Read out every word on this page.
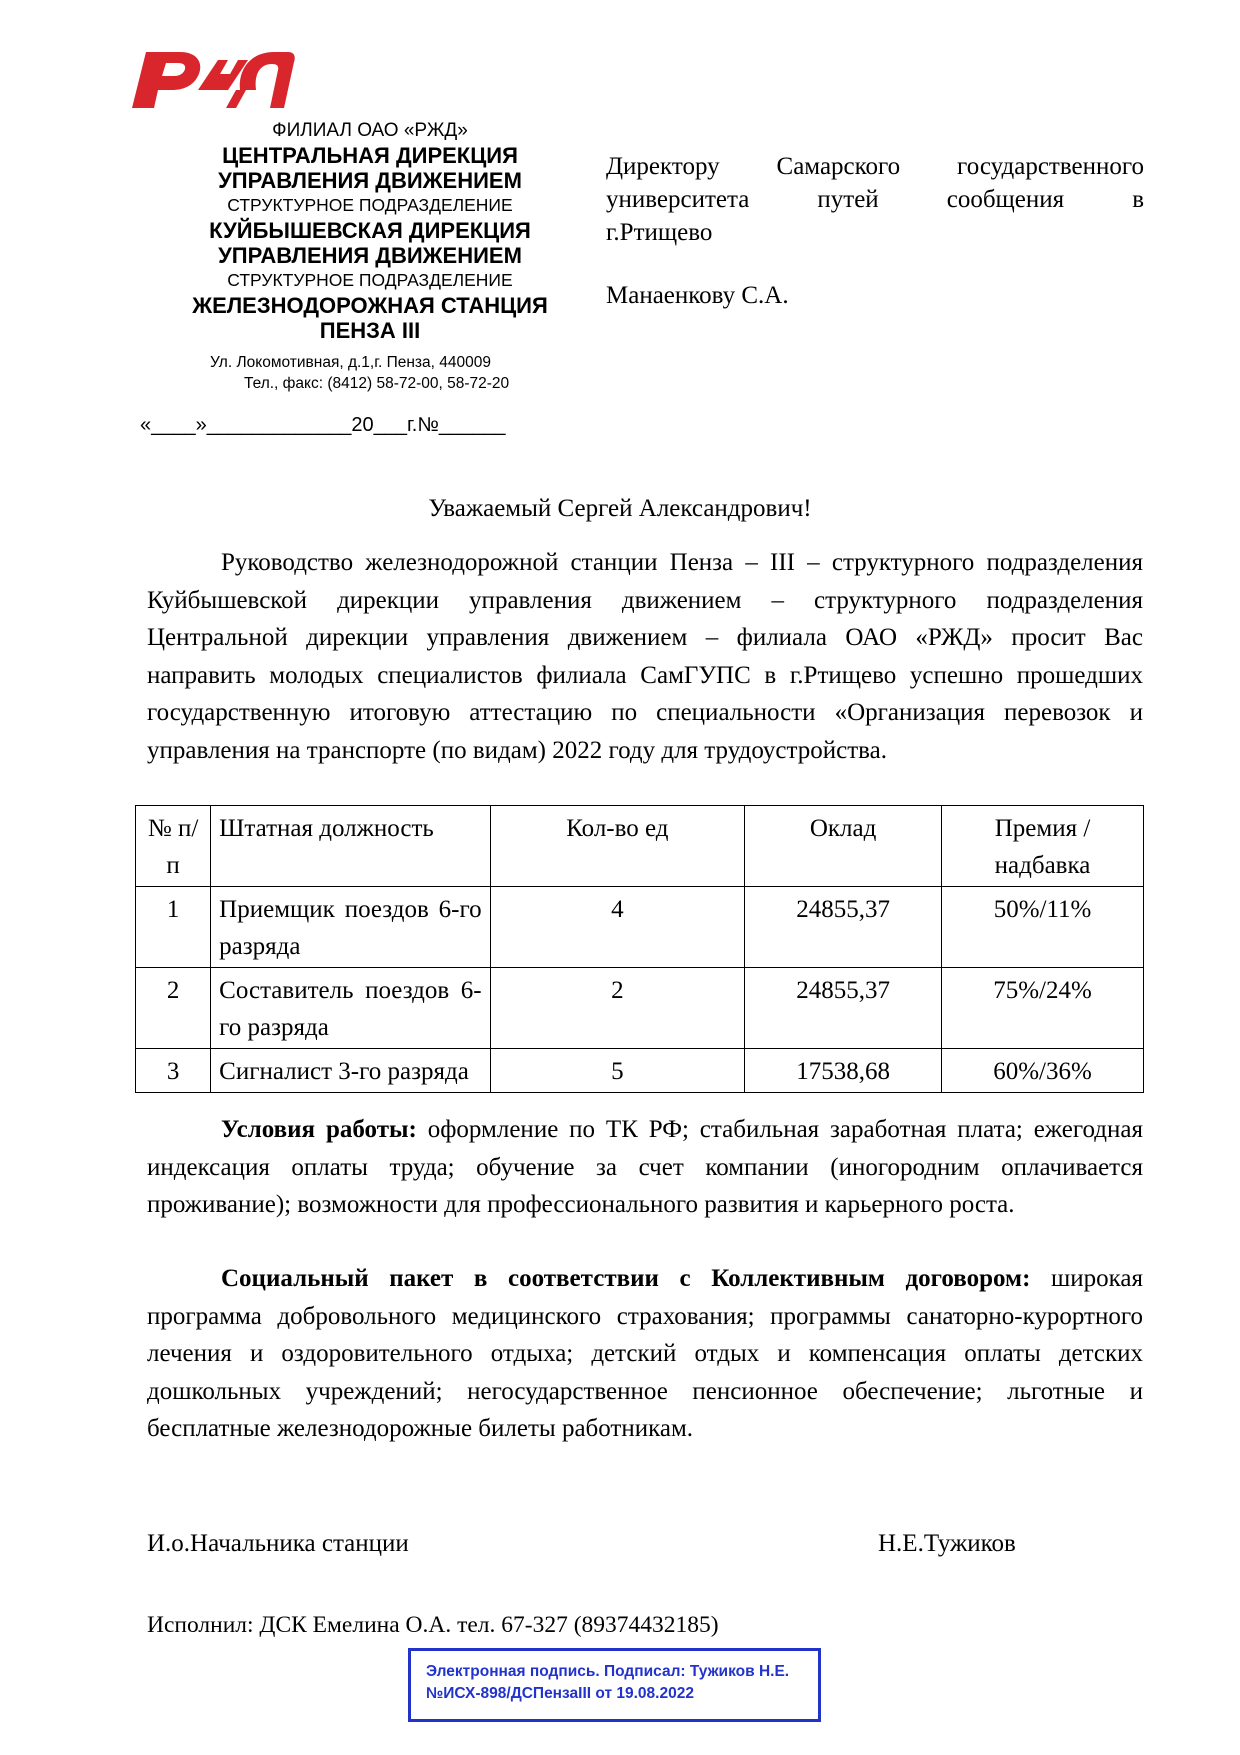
ФИЛИАЛ ОАО «РЖД»
ЦЕНТРАЛЬНАЯ ДИРЕКЦИЯ
УПРАВЛЕНИЯ ДВИЖЕНИЕМ
СТРУКТУРНОЕ ПОДРАЗДЕЛЕНИЕ
КУЙБЫШЕВСКАЯ ДИРЕКЦИЯ
УПРАВЛЕНИЯ ДВИЖЕНИЕМ
СТРУКТУРНОЕ ПОДРАЗДЕЛЕНИЕ
ЖЕЛЕЗНОДОРОЖНАЯ СТАНЦИЯ
ПЕНЗА III
Ул. Локомотивная, д.1,г. Пенза, 440009
Тел., факс: (8412) 58-72-00, 58-72-20
«____»_____________20___г.№______
Директору Самарского государственного
университета путей сообщения в
г.Ртищево
Манаенкову С.А.
Уважаемый Сергей Александрович!
Руководство железнодорожной станции Пенза – III – структурного подразделения Куйбышевской дирекции управления движением – структурного подразделения Центральной дирекции управления движением – филиала ОАО «РЖД» просит Вас направить молодых специалистов филиала СамГУПС в г.Ртищево успешно прошедших государственную итоговую аттестацию по специальности «Организация перевозок и управления на транспорте (по видам) 2022 году для трудоустройства.
№ п/п	Штатная должность	Кол-во ед	Оклад	Премия / надбавка
1	Приемщик поездов 6-го разряда	4	24855,37	50%/11%
2	Составитель поездов 6-го разряда	2	24855,37	75%/24%
3	Сигналист 3-го разряда	5	17538,68	60%/36%
Условия работы: оформление по ТК РФ; стабильная заработная плата; ежегодная индексация оплаты труда; обучение за счет компании (иногородним оплачивается проживание); возможности для профессионального развития и карьерного роста.
Социальный пакет в соответствии с Коллективным договором: широкая программа добровольного медицинского страхования; программы санаторно-курортного лечения и оздоровительного отдыха; детский отдых и компенсация оплаты детских дошкольных учреждений; негосударственное пенсионное обеспечение; льготные и бесплатные железнодорожные билеты работникам.
И.о.Начальника станции	Н.Е.Тужиков
Исполнил: ДСК Емелина О.А. тел. 67-327 (89374432185)
Электронная подпись. Подписал: Тужиков Н.Е.
№ИСХ-898/ДСПензаIII от 19.08.2022
